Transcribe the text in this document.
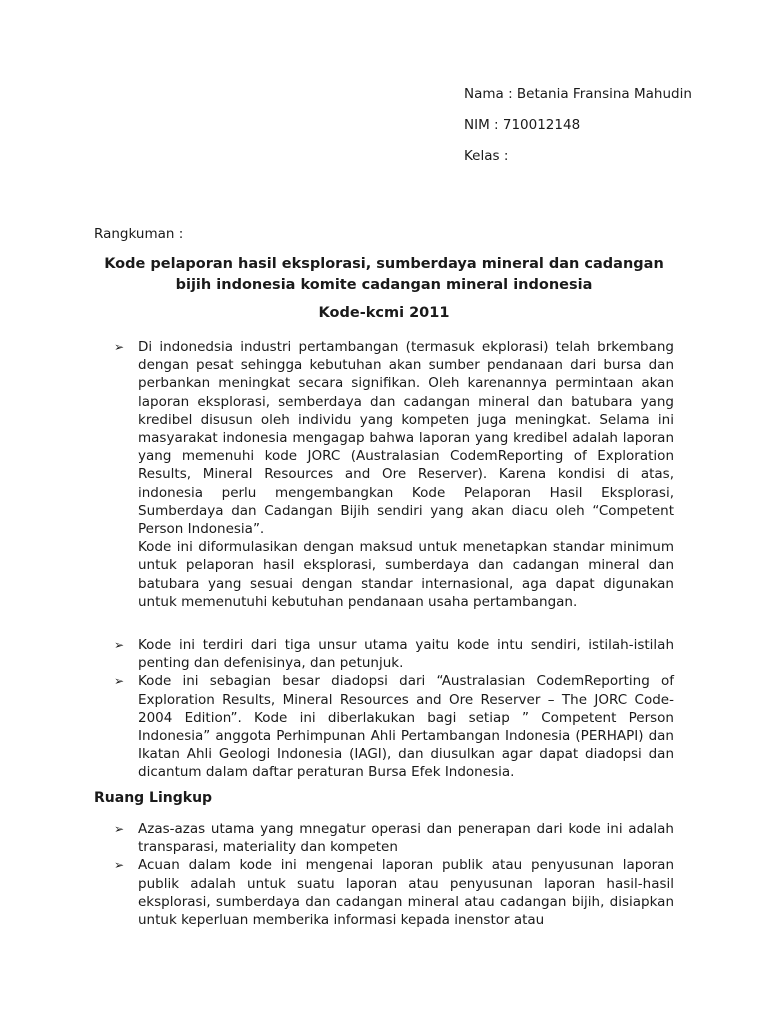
Nama : Betania Fransina Mahudin

NIM : 710012148

Kelas :

Rangkuman :
Kode pelaporan hasil eksplorasi, sumberdaya mineral dan cadangan bijih indonesia komite cadangan mineral indonesia
Kode-kcmi 2011

➢ Di indonedsia industri pertambangan (termasuk ekplorasi) telah brkembang dengan pesat sehingga kebutuhan akan sumber pendanaan dari bursa dan perbankan meningkat secara signifikan. Oleh karenannya permintaan akan laporan eksplorasi, semberdaya dan cadangan mineral dan batubara yang kredibel disusun oleh individu yang kompeten juga meningkat. Selama ini masyarakat indonesia mengagap bahwa laporan yang kredibel adalah laporan yang memenuhi kode JORC (Australasian CodemReporting of Exploration Results, Mineral Resources and Ore Reserver). Karena kondisi di atas, indonesia perlu mengembangkan Kode Pelaporan Hasil Eksplorasi, Sumberdaya dan Cadangan Bijih sendiri yang akan diacu oleh “Competent Person Indonesia”.

Kode ini diformulasikan dengan maksud untuk menetapkan standar minimum untuk pelaporan hasil eksplorasi, sumberdaya dan cadangan mineral dan batubara yang sesuai dengan standar internasional, aga dapat digunakan untuk memenutuhi kebutuhan pendanaan usaha pertambangan.

➢ Kode ini terdiri dari tiga unsur utama yaitu kode intu sendiri, istilah-istilah penting dan defenisinya, dan petunjuk.

➢ Kode ini sebagian besar diadopsi dari “Australasian CodemReporting of Exploration Results, Mineral Resources and Ore Reserver – The JORC Code-2004 Edition”. Kode ini diberlakukan bagi setiap ” Competent Person Indonesia” anggota Perhimpunan Ahli Pertambangan Indonesia (PERHAPI) dan Ikatan Ahli Geologi Indonesia (IAGI), dan diusulkan agar dapat diadopsi dan dicantum dalam daftar peraturan Bursa Efek Indonesia.

Ruang Lingkup

➢ Azas-azas utama yang mnegatur operasi dan penerapan dari kode ini adalah transparasi, materiality dan kompeten

➢ Acuan dalam kode ini mengenai laporan publik atau penyusunan laporan publik adalah untuk suatu laporan atau penyusunan laporan hasil-hasil eksplorasi, sumberdaya dan cadangan mineral atau cadangan bijih, disiapkan untuk keperluan memberika informasi kepada inenstor atau
